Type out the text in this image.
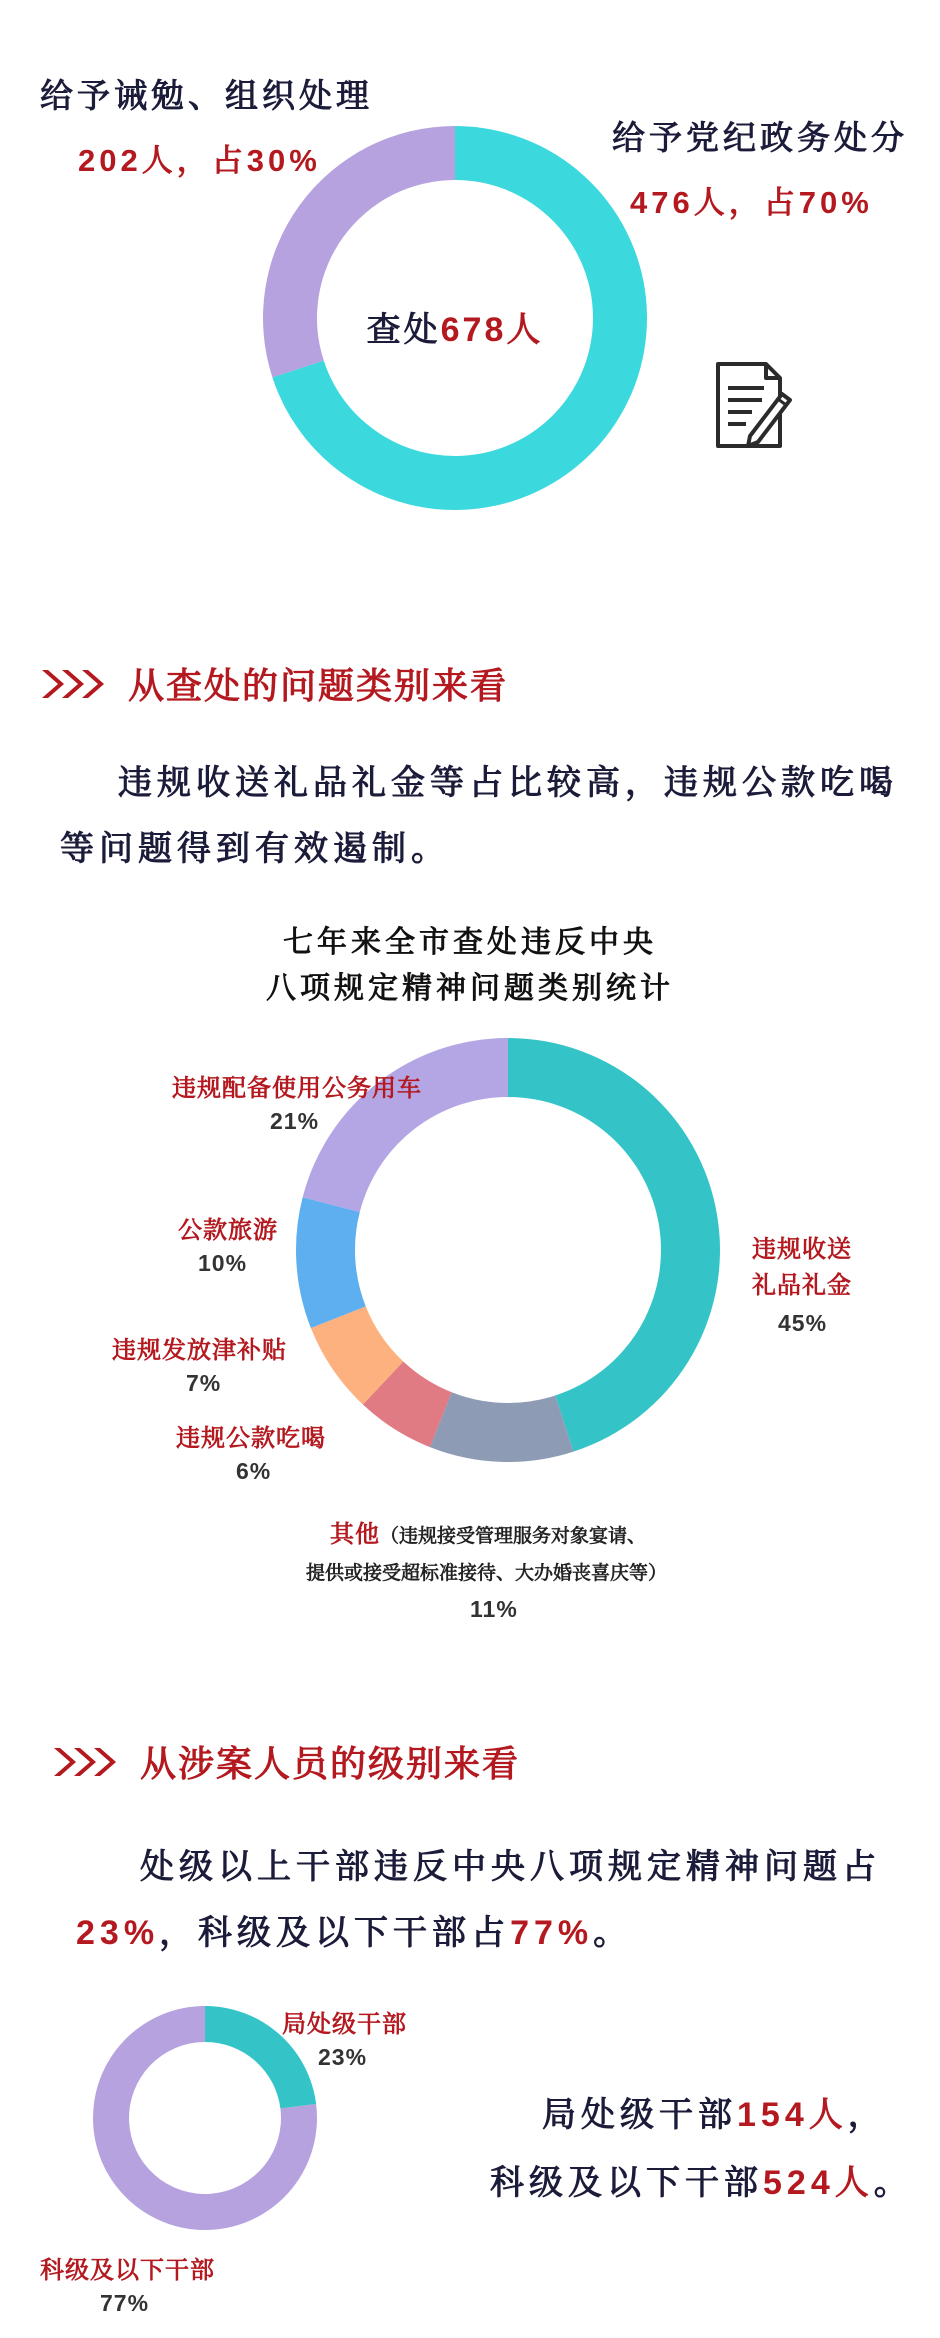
给予诫勉、组织处理
202人，占30%
给予党纪政务处分
476人，占70%
查处678人
从查处的问题类别来看
违规收送礼品礼金等占比较高，违规公款吃喝
等问题得到有效遏制。
七年来全市查处违反中央
八项规定精神问题类别统计
违规配备使用公务用车
21%
公款旅游
10%
违规发放津补贴
7%
违规公款吃喝
6%
违规收送
礼品礼金
45%
其他（违规接受管理服务对象宴请、
提供或接受超标准接待、大办婚丧喜庆等）
11%
从涉案人员的级别来看
处级以上干部违反中央八项规定精神问题占
23%，科级及以下干部占77%。
局处级干部
23%
科级及以下干部
77%
局处级干部154人，
科级及以下干部524人。
